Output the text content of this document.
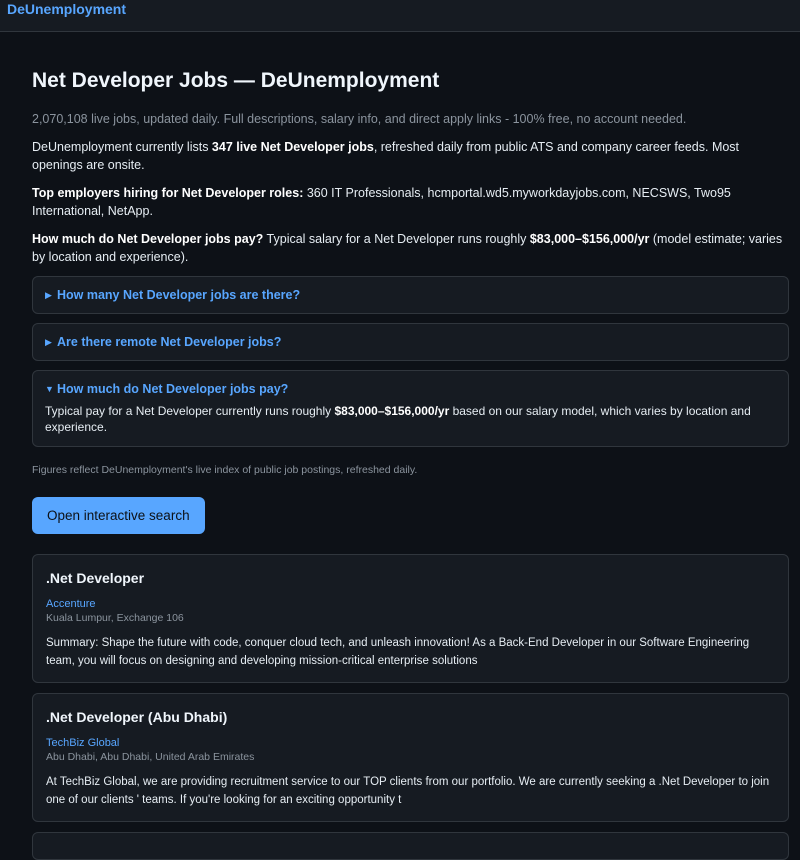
DeUnemployment
Net Developer Jobs — DeUnemployment

2,070,108 live jobs, updated daily. Full descriptions, salary info, and direct apply links - 100% free, no account needed.

DeUnemployment currently lists 347 live Net Developer jobs, refreshed daily from public ATS and company career feeds. Most openings are onsite.

Top employers hiring for Net Developer roles: 360 IT Professionals, hcmportal.wd5.myworkdayjobs.com, NECSWS, Two95 International, NetApp.

How much do Net Developer jobs pay? Typical salary for a Net Developer runs roughly $83,000–$156,000/yr (model estimate; varies by location and experience).

▶ How many Net Developer jobs are there?
▶ Are there remote Net Developer jobs?
▼ How much do Net Developer jobs pay?
Typical pay for a Net Developer currently runs roughly $83,000–$156,000/yr based on our salary model, which varies by location and experience.

Figures reflect DeUnemployment's live index of public job postings, refreshed daily.

Open interactive search
.Net Developer
Accenture
Kuala Lumpur, Exchange 106

Summary: Shape the future with code, conquer cloud tech, and unleash innovation! As a Back-End Developer in our Software Engineering team, you will focus on designing and developing mission-critical enterprise solutions

.Net Developer (Abu Dhabi)
TechBiz Global
Abu Dhabi, Abu Dhabi, United Arab Emirates

At TechBiz Global, we are providing recruitment service to our TOP clients from our portfolio. We are currently seeking a .Net Developer to join one of our clients ' teams. If you're looking for an exciting opportunity t
